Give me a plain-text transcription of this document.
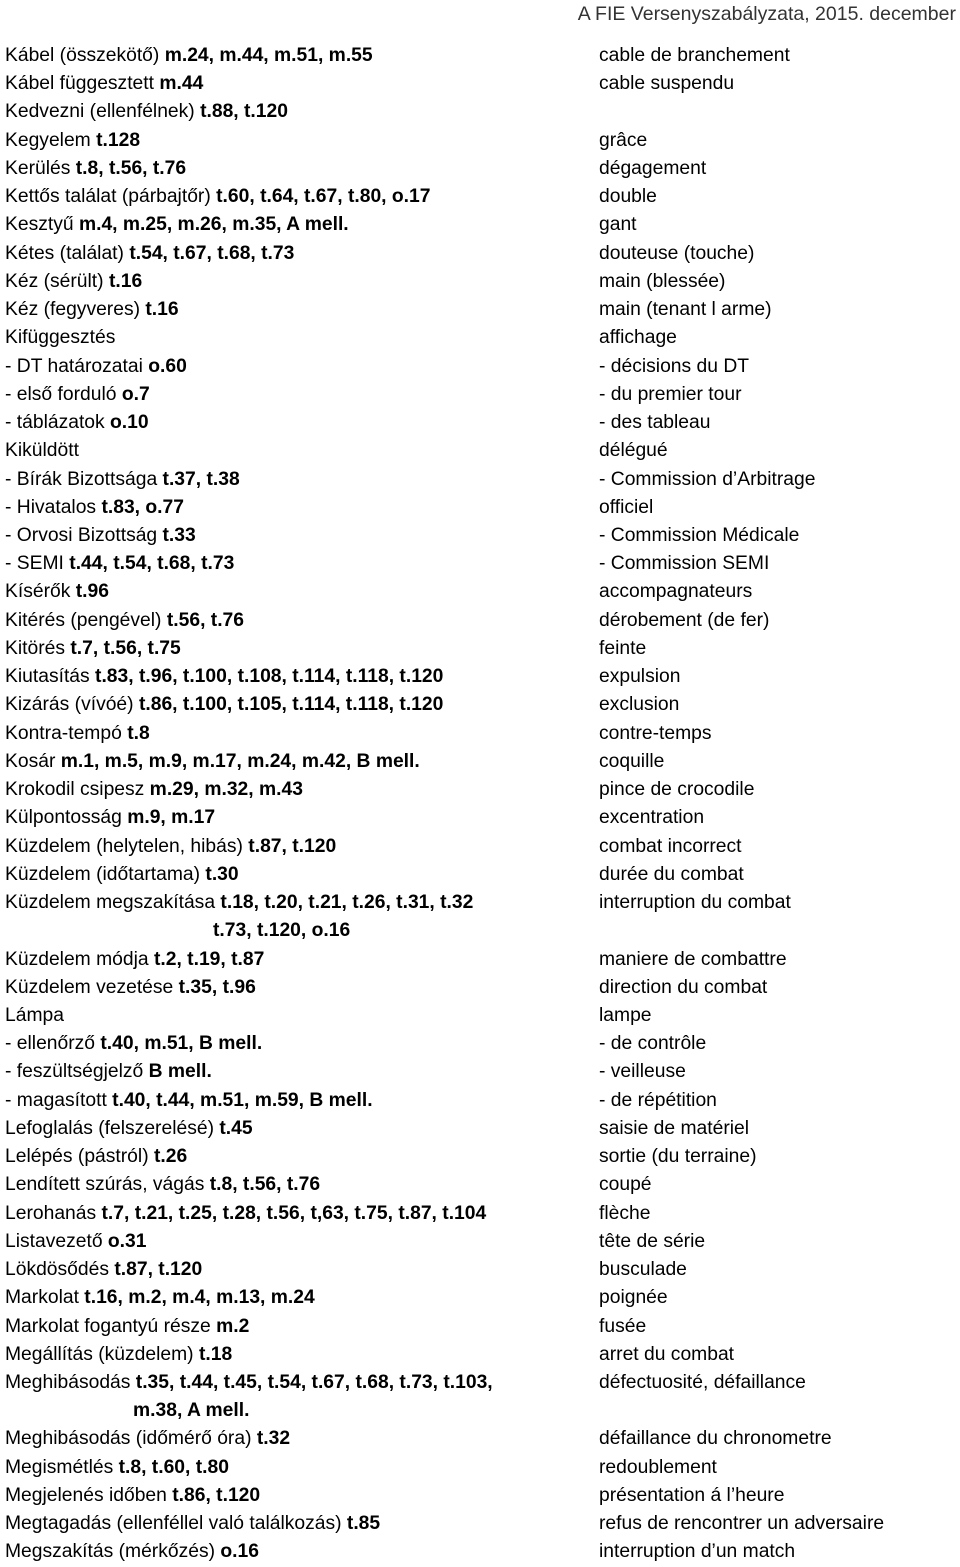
A FIE Versenyszabályzata, 2015. december
Kábel (összekötő) m.24, m.44, m.51, m.55	cable de branchement
Kábel függesztett m.44	cable suspendu
Kedvezni (ellenfélnek) t.88, t.120
Kegyelem t.128	grâce
Kerülés t.8, t.56, t.76	dégagement
Kettős találat (párbajtőr) t.60, t.64, t.67, t.80, o.17	double
Kesztyű m.4, m.25, m.26, m.35, A mell.	gant
Kétes (találat) t.54, t.67, t.68, t.73	douteuse (touche)
Kéz (sérült) t.16	main (blessée)
Kéz (fegyveres) t.16	main (tenant l arme)
Kifüggesztés	affichage
- DT határozatai o.60	- décisions du DT
- első forduló o.7	- du premier tour
- táblázatok o.10	- des tableau
Kiküldött	délégué
- Bírák Bizottsága t.37, t.38	- Commission d’Arbitrage
- Hivatalos t.83, o.77	officiel
- Orvosi Bizottság t.33	- Commission Médicale
- SEMI t.44, t.54, t.68, t.73	- Commission SEMI
Kísérők t.96	accompagnateurs
Kitérés (pengével) t.56, t.76	dérobement (de fer)
Kitörés t.7, t.56, t.75	feinte
Kiutasítás t.83, t.96, t.100, t.108, t.114, t.118, t.120	expulsion
Kizárás (vívóé) t.86, t.100, t.105, t.114, t.118, t.120	exclusion
Kontra-tempó t.8	contre-temps
Kosár m.1, m.5, m.9, m.17, m.24, m.42, B mell.	coquille
Krokodil csipesz m.29, m.32, m.43	pince de crocodile
Külpontosság m.9, m.17	excentration
Küzdelem (helytelen, hibás) t.87, t.120	combat incorrect
Küzdelem (időtartama) t.30	durée du combat
Küzdelem megszakítása t.18, t.20, t.21, t.26, t.31, t.32	interruption du combat
t.73, t.120, o.16
Küzdelem módja t.2, t.19, t.87	maniere de combattre
Küzdelem vezetése t.35, t.96	direction du combat
Lámpa	lampe
- ellenőrző t.40, m.51, B mell.	- de contrôle
- feszültségjelző B mell.	- veilleuse
- magasított t.40, t.44, m.51, m.59, B mell.	- de répétition
Lefoglalás (felszerelésé) t.45	saisie de matériel
Lelépés (pástról) t.26	sortie (du terraine)
Lendített szúrás, vágás t.8, t.56, t.76	coupé
Lerohanás t.7, t.21, t.25, t.28, t.56, t,63, t.75, t.87, t.104	flèche
Listavezető o.31	tête de série
Lökdösődés t.87, t.120	busculade
Markolat t.16, m.2, m.4, m.13, m.24	poignée
Markolat fogantyú része m.2	fusée
Megállítás (küzdelem) t.18	arret du combat
Meghibásodás t.35, t.44, t.45, t.54, t.67, t.68, t.73, t.103,	défectuosité, défaillance
m.38, A mell.
Meghibásodás (időmérő óra) t.32	défaillance du chronometre
Megismétlés t.8, t.60, t.80	redoublement
Megjelenés időben t.86, t.120	présentation á l’heure
Megtagadás (ellenféllel való találkozás) t.85	refus de rencontrer un adversaire
Megszakítás (mérkőzés) o.16	interruption d’un match
